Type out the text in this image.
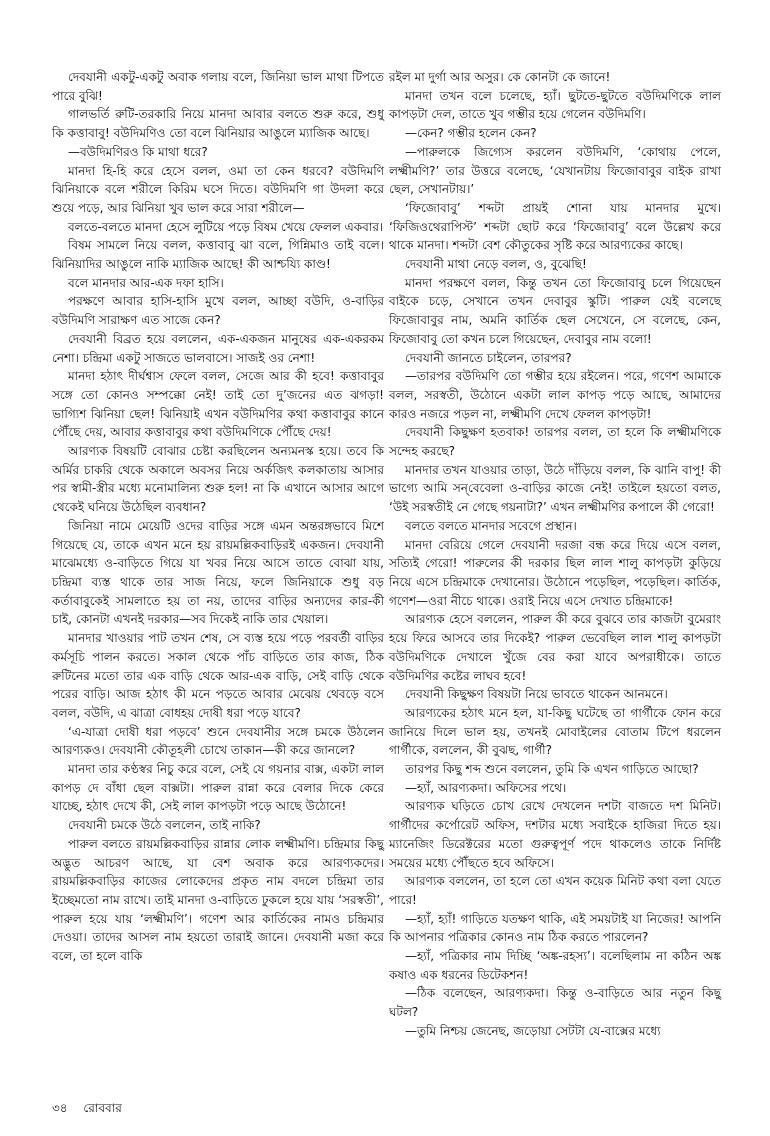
দেবযানী একটু-একটু অবাক গলায় বলে, জিনিয়া ভাল মাথা টিপতে পারে বুঝি!

গালভর্তি রুটি-তরকারি নিয়ে মানদা আবার বলতে শুরু করে, শুধু কি কত্তাবাবু! বউদিমণিও তো বলে ঝিনিয়ার আঙুলে ম্যাজিক আছে।

—বউদিমণিরও কি মাথা ধরে?

মানদা হি-হি করে হেসে বলল, ওমা তা কেন ধরবে? বউদিমণি ঝিনিয়াকে বলে শরীলে কিরিম ঘসে দিতে। বউদিমণি গা উদলা করে শুয়ে পড়ে, আর ঝিনিয়া খুব ভাল করে সারা শরীলে—

বলতে-বলতে মানদা হেসে লুটিয়ে পড়ে বিষম খেয়ে ফেলল একবার।

বিষম সামলে নিয়ে বলল, কত্তাবাবু ঝা বলে, গিন্নিমাও তাই বলে। ঝিনিয়াদির আঙুলে নাকি ম্যাজিক আছে! কী আশ্চয্যি কাণ্ড!

বলে মানদার আর-এক দফা হাসি।

পরক্ষণে আবার হাসি-হাসি মুখে বলল, আচ্ছা বউদি, ও-বাড়ির বউদিমণি সারাক্ষণ এত সাজে কেন?

দেবযানী বিব্রত হয়ে বললেন, এক-একজন মানুষের এক-একরকম নেশা। চন্দ্রিমা একটু সাজতে ভালবাসে। সাজই ওর নেশা!

মানদা হঠাৎ দীর্ঘশ্বাস ফেলে বলল, সেজে আর কী হবে! কত্তাবাবুর সঙ্গে তো কোনও সম্পক্কো নেই! তাই তো দু’জনের এত ঝগড়া! ভাগ্যিশ ঝিনিয়া ছেল! ঝিনিয়াই এখন বউদিমণির কথা কত্তাবাবুর কানে পৌঁছে দেয়, আবার কত্তাবাবুর কথা বউদিমণিকে পৌঁছে দেয়!

আরণ্যক বিষয়টি বোঝার চেষ্টা করছিলেন অন্যমনস্ক হয়ে। তবে কি অর্মির চাকরি থেকে অকালে অবসর নিয়ে অর্কজিৎ কলকাতায় আসার পর স্বামী-স্ত্রীর মধ্যে মনোমালিন্য শুরু হল! না কি এখানে আসার আগে থেকেই ঘনিয়ে উঠেছিল ব্যবধান?

জিনিয়া নামে মেয়েটি ওদের বাড়ির সঙ্গে এমন অন্তরঙ্গভাবে মিশে গিয়েছে যে, তাকে এখন মনে হয় রায়মল্লিকবাড়িরই একজন। দেবযানী মাঝেমধ্যে ও-বাড়িতে গিয়ে যা খবর নিয়ে আসে তাতে বোঝা যায়, চন্দ্রিমা ব্যস্ত থাকে তার সাজ নিয়ে, ফলে জিনিয়াকে শুধু বড় কর্তাবাবুকেই সামলাতে হয় তা নয়, তাদের বাড়ির অন্যদের কার-কী চাই, কোনটা এখনই দরকার—সব দিকেই নাকি তার খেয়াল।

মানদার খাওয়ার পাট তখন শেষ, সে ব্যস্ত হয়ে পড়ে পরবর্তী বাড়ির কর্মসূচি পালন করতে। সকাল থেকে পাঁচ বাড়িতে তার কাজ, ঠিক রুটিনের মতো তার এক বাড়ি থেকে আর-এক বাড়ি, সেই বাড়ি থেকে পরের বাড়ি। আজ হঠাৎ কী মনে পড়তে আবার মেঝেয় থেবড়ে বসে বলল, বউদি, এ ঝাত্রা বোধহয় দোষী ধরা পড়ে যাবে?

‘এ-যাত্রা দোষী ধরা পড়বে’ শুনে দেবযানীর সঙ্গে চমকে উঠলেন আরণ্যকও। দেবযানী কৌতূহলী চোখে তাকান—কী করে জানলে?

মানদা তার কণ্ঠস্বর নিচু করে বলে, সেই যে গয়নার বাক্স, একটা লাল কাপড় দে বাঁধা ছেল বাক্সটা। পারুল রান্না করে বেলার দিকে কেরে যাচ্ছে, হঠাৎ দেখে কী, সেই লাল কাপড়টা পড়ে আছে উঠোনে!

দেবযানী চমকে উঠে বললেন, তাই নাকি?

পারুল বলতে রায়মল্লিকবাড়ির রান্নার লোক লক্ষ্মীমণি। চন্দ্রিমার কিছু অদ্ভুত আচরণ আছে, যা বেশ অবাক করে আরণ্যকদের। রায়মল্লিকবাড়ির কাজের লোকেদের প্রকৃত নাম বদলে চন্দ্রিমা তার ইচ্ছেমতো নাম রাখে। তাই মানদা ও-বাড়িতে ঢুকলে হয়ে যায় ‘সরস্বতী’, পারুল হয়ে যায় ‘লক্ষ্মীমণি’। গণেশ আর কার্তিকের নামও চন্দ্রিমার দেওয়া। তাদের আসল নাম হয়তো তারাই জানে। দেবযানী মজা করে বলে, তা হলে বাকি

রইল মা দুর্গা আর অসুর। কে কোনটা কে জানে!

মানদা তখন বলে চলেছে, হ্যাঁ। ছুটতে-ছুটতে বউদিমণিকে লাল কাপড়টা দেল, তাতে খুব গম্ভীর হয়ে গেলেন বউদিমণি।

—কেন? গম্ভীর হলেন কেন?

—পারুলকে জিগ্যেস করলেন বউদিমণি, ‘কোথায় পেলে, লক্ষ্মীমণি?’ তার উত্তরে বলেছে, ‘যেখানটায় ফিজোবাবুর বাইক রাখা ছেল, সেখানটায়।’

‘ফিজোবাবু’ শব্দটা প্রায়ই শোনা যায় মানদার মুখে। ‘ফিজিওথেরাপিস্ট’ শব্দটা ছোট করে ‘ফিজোবাবু’ বলে উল্লেখ করে থাকে মানদা। শব্দটা বেশ কৌতুকের সৃষ্টি করে আরণ্যকের কাছে।

দেবযানী মাথা নেড়ে বলল, ও, বুঝেছি!

মানদা পরক্ষণে বলল, কিন্তু তখন তো ফিজোবাবু চলে গিয়েছেন বাইকে চড়ে, সেখানে তখন দেবাবুর স্কুটি। পারুল যেই বলেছে ফিজোবাবুর নাম, অমনি কার্তিক ছেল সেখেনে, সে বলেছে, কেন, ফিজোবাবু তো কখন চলে গিয়েছেন, দেবাবুর নাম বলো!

দেবযানী জানতে চাইলেন, তারপর?

—তারপর বউদিমণি তো গম্ভীর হয়ে রইলেন। পরে, গণেশ আমাকে বলল, সরস্বতী, উঠোনে একটা লাল কাপড় পড়ে আছে, আমাদের কারও নজরে পড়ল না, লক্ষ্মীমণি দেখে ফেলল কাপড়টা!

দেবযানী কিছুক্ষণ হতবাক! তারপর বলল, তা হলে কি লক্ষ্মীমণিকে সন্দেহ করছে?

মানদার তখন যাওয়ার তাড়া, উঠে দাঁড়িয়ে বলল, কি ঝানি বাপু! কী ভাগ্যে আমি সন্‌বেবেলা ও-বাড়ির কাজে নেই! তাইলে হয়তো বলত, ‘উই সরস্বতীই নে গেছে গয়নাটা?’ এখন লক্ষ্মীমণির কপালে কী গেরো!

বলতে বলতে মানদার সবেগে প্রস্থান।

মানদা বেরিয়ে গেলে দেবযানী দরজা বন্ধ করে দিয়ে এসে বলল, সত্যিই গেরো! পারুলের কী দরকার ছিল লাল শালু কাপড়টা কুড়িয়ে নিয়ে এসে চন্দ্রিমাকে দেখানোর। উঠোনে পড়েছিল, পড়েছিল। কার্তিক, গণেশ—ওরা নীচে থাকে। ওরাই নিয়ে এসে দেখাত চন্দ্রিমাকে!

আরণ্যক হেসে বললেন, পারুল কী করে বুঝবে তার কাজটা বুমেরাং হয়ে ফিরে আসবে তার দিকেই? পারুল ভেবেছিল লাল শালু কাপড়টা বউদিমণিকে দেখালে খুঁজে বের করা যাবে অপরাধীকে। তাতে বউদিমণির কষ্টের লাঘব হবে!

দেবযানী কিছুক্ষণ বিষয়টা নিয়ে ভাবতে থাকেন আনমনে।

আরণ্যকের হঠাৎ মনে হল, যা-কিছু ঘটেছে তা গার্গীকে ফোন করে জানিয়ে দিলে ভাল হয়, তখনই মোবাইলের বোতাম টিপে ধরলেন গার্গীকে, বললেন, কী বুঝছ, গার্গী?

তারপর কিছু শব্দ শুনে বললেন, তুমি কি এখন গাড়িতে আছো?

—হ্যাঁ, আরণ্যকদা। অফিসের পথে।

আরণ্যক ঘড়িতে চোখ রেখে দেখলেন দশটা বাজতে দশ মিনিট। গার্গীদের কর্পোরেট অফিস, দশটার মধ্যে সবাইকে হাজিরা দিতে হয়। ম্যানেজিং ডিরেক্টরের মতো গুরুত্বপূর্ণ পদে থাকলেও তাকে নির্দিষ্ট সময়ের মধ্যে পৌঁছতে হবে অফিসে।

আরণ্যক বললেন, তা হলে তো এখন কয়েক মিনিট কথা বলা যেতে পারে!

—হ্যাঁ, হ্যাঁ! গাড়িতে যতক্ষণ থাকি, এই সময়টাই যা নিজের! আপনি কি আপনার পত্রিকার কোনও নাম ঠিক করতে পারলেন?

—হ্যাঁ, পত্রিকার নাম দিচ্ছি ‘অঙ্ক-রহস্য’। বলেছিলাম না কঠিন অঙ্ক কষাও এক ধরনের ডিটেকশন!

—ঠিক বলেছেন, আরণ্যকদা। কিন্তু ও-বাড়িতে আর নতুন কিছু ঘটল?

—তুমি নিশ্চয় জেনেছ, জড়োয়া সেটটা যে-বাক্সের মধ্যে

৩৪ রোববার
